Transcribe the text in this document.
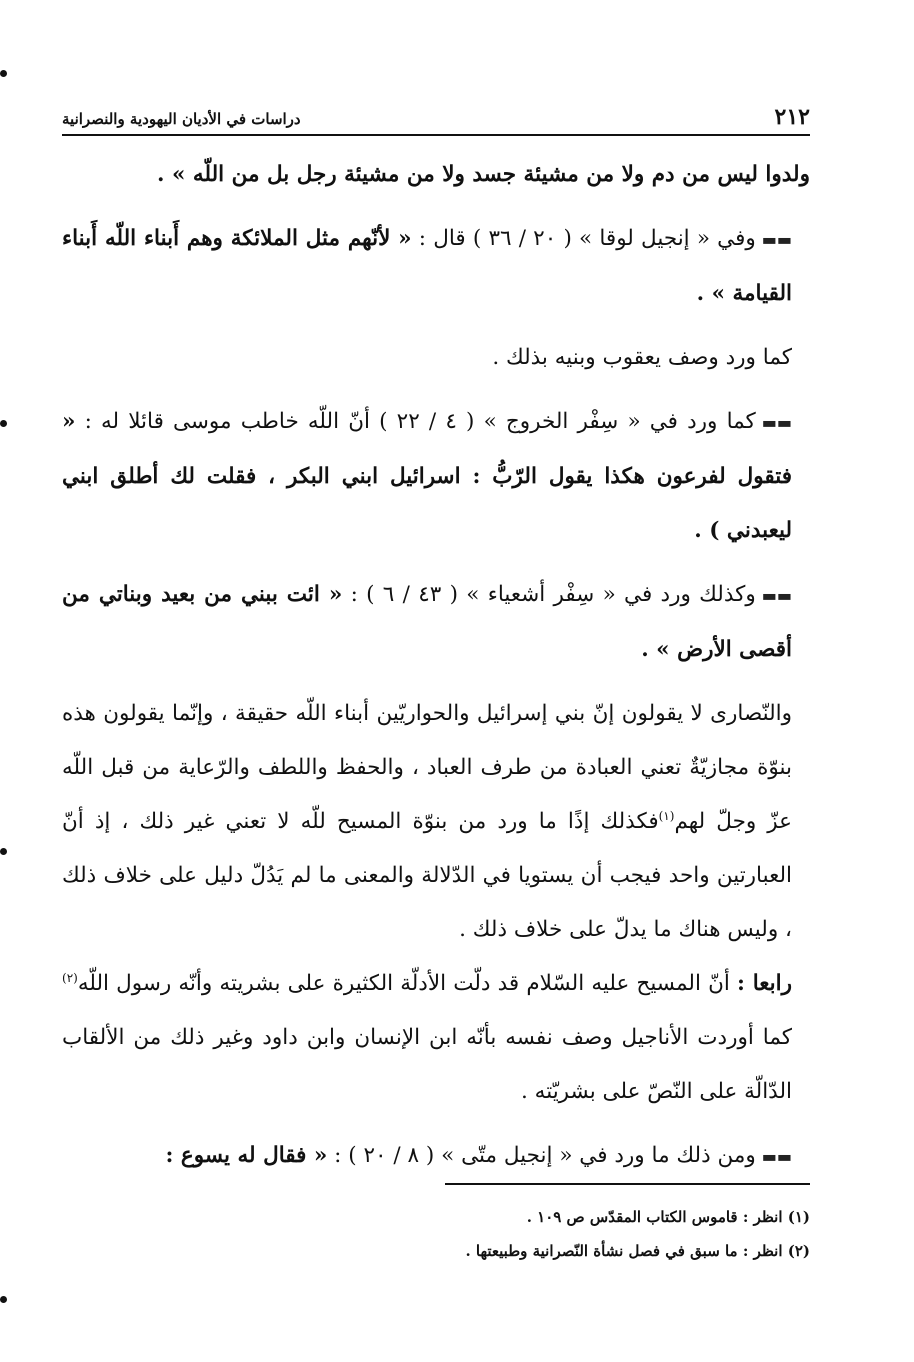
٢١٢
دراسات في الأديان اليهودية والنصرانية

ولدوا ليس من دم ولا من مشيئة جسد ولا من مشيئة رجل بل من اللّه » .

▬▬وفي « إنجيل لوقا » ( ٢٠ / ٣٦ ) قال : « لأنّهم مثل الملائكة وهم أَبناء اللّه أَبناء القيامة » .

كما ورد وصف يعقوب وبنيه بذلك .

▬▬كما ورد في « سِفْر الخروج » ( ٤ / ٢٢ ) أنّ اللّه خاطب موسى قائلا له : « فتقول لفرعون هكذا يقول الرّبُّ : اسرائيل ابني البكر ، فقلت لك أطلق ابني ليعبدني ) .

▬▬وكذلك ورد في « سِفْر أشعياء » ( ٤٣ / ٦ ) : « ائت ببني من بعيد وبناتي من أقصى الأرض » .

والنّصارى لا يقولون إنّ بني إسرائيل والحواريّين أبناء اللّه حقيقة ، وإنّما يقولون هذه بنوّة مجازيّةٌ تعني العبادة من طرف العباد ، والحفظ واللطف والرّعاية من قبل اللّه عزّ وجلّ لهم$^{(١)}$فكذلك إذًا ما ورد من بنوّة المسيح للّه لا تعني غير ذلك ، إذ أنّ العبارتين واحد فيجب أن يستويا في الدّلالة والمعنى ما لم يَدُلّ دليل على خلاف ذلك ، وليس هناك ما يدلّ على خلاف ذلك .

رابعا : أنّ المسيح عليه السّلام قد دلّت الأدلّة الكثيرة على بشريته وأنّه رسول اللّه$^{(٢)}$ كما أوردت الأناجيل وصف نفسه بأنّه ابن الإنسان وابن داود وغير ذلك من الألقاب الدّالّة على النّصّ على بشريّته .

▬▬ومن ذلك ما ورد في « إنجيل متّى » ( ٨ / ٢٠ ) : « فقال له يسوع :

(١) انظر : قاموس الكتاب المقدّس ص ١٠٩ .

(٢) انظر : ما سبق في فصل نشأة النّصرانية وطبيعتها .
